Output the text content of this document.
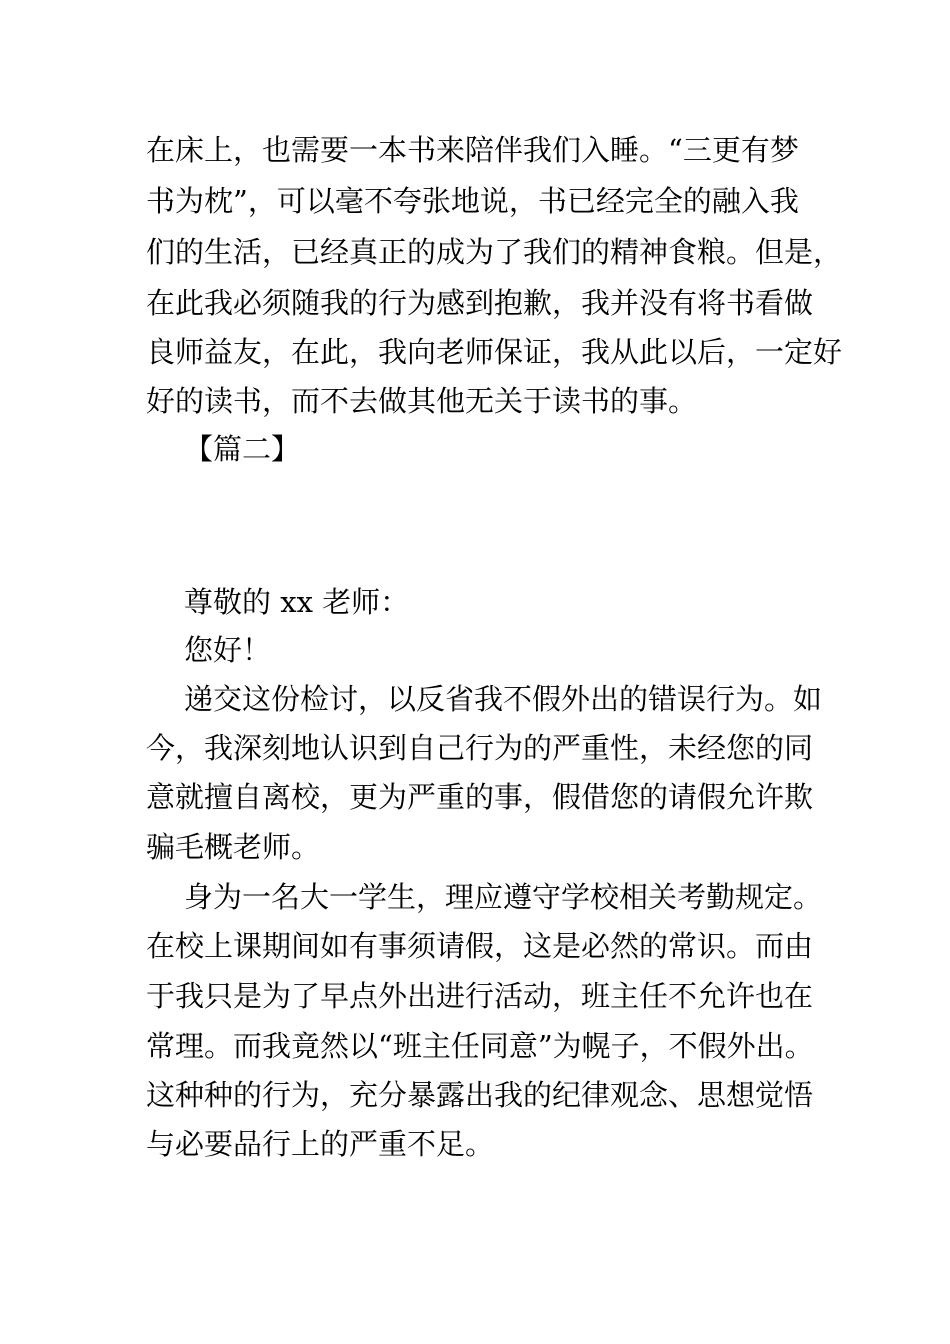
在床上，也需要一本书来陪伴我们入睡。“三更有梦
书为枕”，可以毫不夸张地说，书已经完全的融入我
们的生活，已经真正的成为了我们的精神食粮。但是，
在此我必须随我的行为感到抱歉，我并没有将书看做
良师益友，在此，我向老师保证，我从此以后，一定好
好的读书，而不去做其他无关于读书的事。
【篇二】
尊敬的 xx 老师：
您好！
递交这份检讨，以反省我不假外出的错误行为。如
今，我深刻地认识到自己行为的严重性，未经您的同
意就擅自离校，更为严重的事，假借您的请假允许欺
骗毛概老师。
身为一名大一学生，理应遵守学校相关考勤规定。
在校上课期间如有事须请假，这是必然的常识。而由
于我只是为了早点外出进行活动，班主任不允许也在
常理。而我竟然以“班主任同意”为幌子，不假外出。
这种种的行为，充分暴露出我的纪律观念、思想觉悟
与必要品行上的严重不足。
